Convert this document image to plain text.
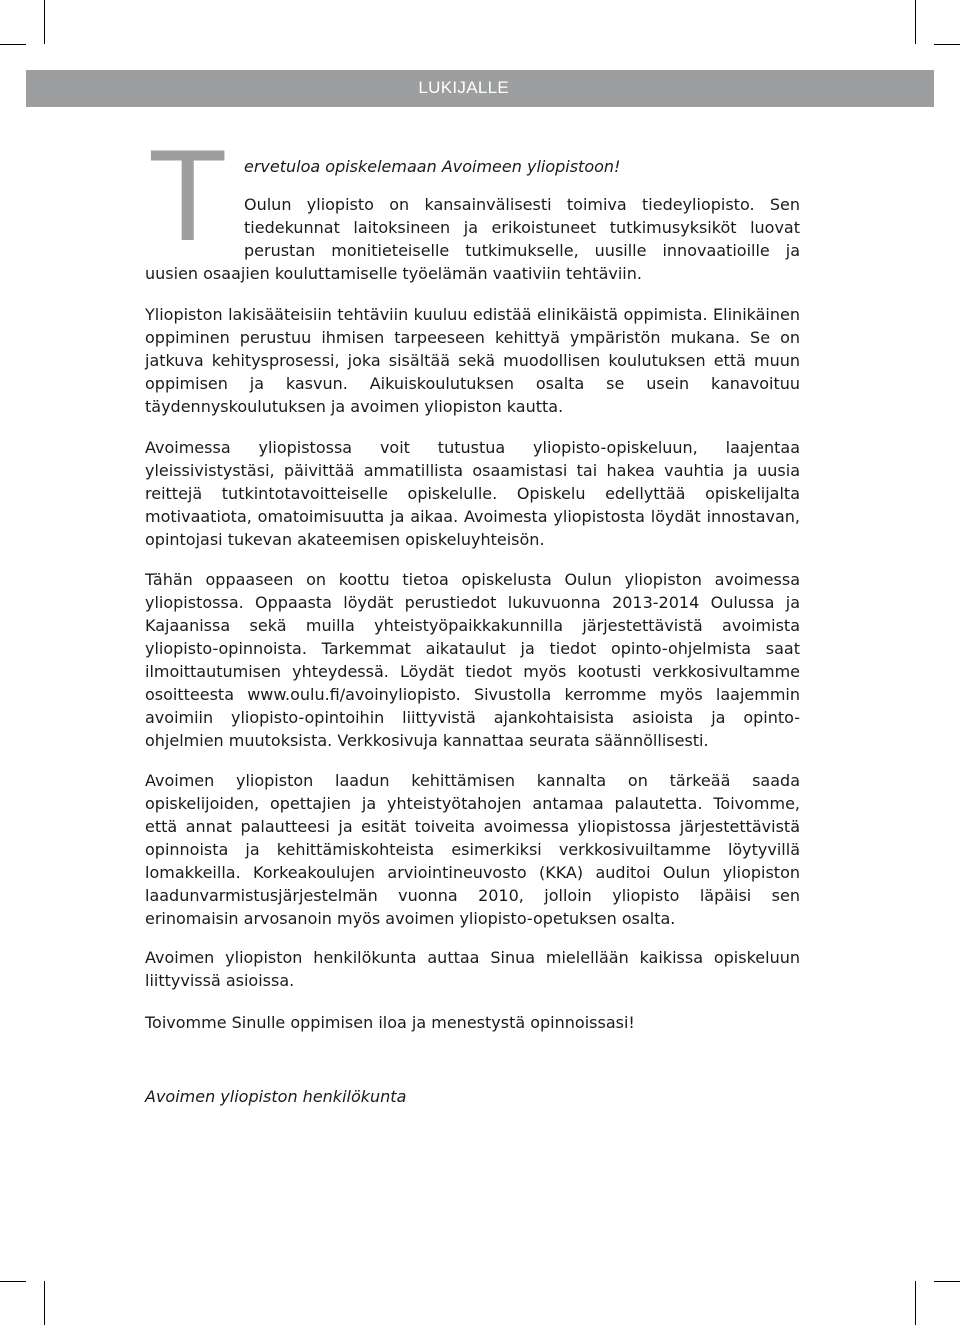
LUKIJALLE
T ervetuloa opiskelemaan Avoimeen yliopistoon!

Oulun yliopisto on kansainvälisesti toimiva tiedeyliopisto. Sen

tiedekunnat laitoksineen ja erikoistuneet tutkimusyksiköt luovat

perustan monitieteiselle tutkimukselle, uusille innovaatioille ja

uusien osaajien kouluttamiselle työelämän vaativiin tehtäviin.

Yliopiston lakisääteisiin tehtäviin kuuluu edistää elinikäistä oppimista. Elinikäinen oppiminen perustuu ihmisen tarpeeseen kehittyä ympäristön mukana. Se on jatkuva kehitysprosessi, joka sisältää sekä muodollisen koulutuksen että muun oppimisen ja kasvun. Aikuiskoulutuksen osalta se usein kanavoituu täydennyskoulutuksen ja avoimen yliopiston kautta.

Avoimessa yliopistossa voit tutustua yliopisto-opiskeluun, laajentaa yleissivistystäsi, päivittää ammatillista osaamistasi tai hakea vauhtia ja uusia reittejä tutkintotavoitteiselle opiskelulle. Opiskelu edellyttää opiskelijalta motivaatiota, omatoimisuutta ja aikaa. Avoimesta yliopistosta löydät innostavan, opintojasi tukevan akateemisen opiskeluyhteisön.

Tähän oppaaseen on koottu tietoa opiskelusta Oulun yliopiston avoimessa yliopistossa. Oppaasta löydät perustiedot lukuvuonna 2013-2014 Oulussa ja Kajaanissa sekä muilla yhteistyöpaikkakunnilla järjestettävistä avoimista yliopisto-opinnoista. Tarkemmat aikataulut ja tiedot opinto-ohjelmista saat ilmoittautumisen yhteydessä. Löydät tiedot myös kootusti verkkosivultamme osoitteesta www.oulu.fi/avoinyliopisto. Sivustolla kerromme myös laajemmin avoimiin yliopisto-opintoihin liittyvistä ajankohtaisista asioista ja opinto-ohjelmien muutoksista. Verkkosivuja kannattaa seurata säännöllisesti.

Avoimen yliopiston laadun kehittämisen kannalta on tärkeää saada opiskelijoiden, opettajien ja yhteistyötahojen antamaa palautetta. Toivomme, että annat palautteesi ja esität toiveita avoimessa yliopistossa järjestettävistä opinnoista ja kehittämiskohteista esimerkiksi verkkosivuiltamme löytyvillä lomakkeilla. Korkeakoulujen arviointineuvosto (KKA) auditoi Oulun yliopiston laadunvarmistusjärjestelmän vuonna 2010, jolloin yliopisto läpäisi sen erinomaisin arvosanoin myös avoimen yliopisto-opetuksen osalta.

Avoimen yliopiston henkilökunta auttaa Sinua mielellään kaikissa opiskeluun liittyvissä asioissa.

Toivomme Sinulle oppimisen iloa ja menestystä opinnoissasi!

Avoimen yliopiston henkilökunta
